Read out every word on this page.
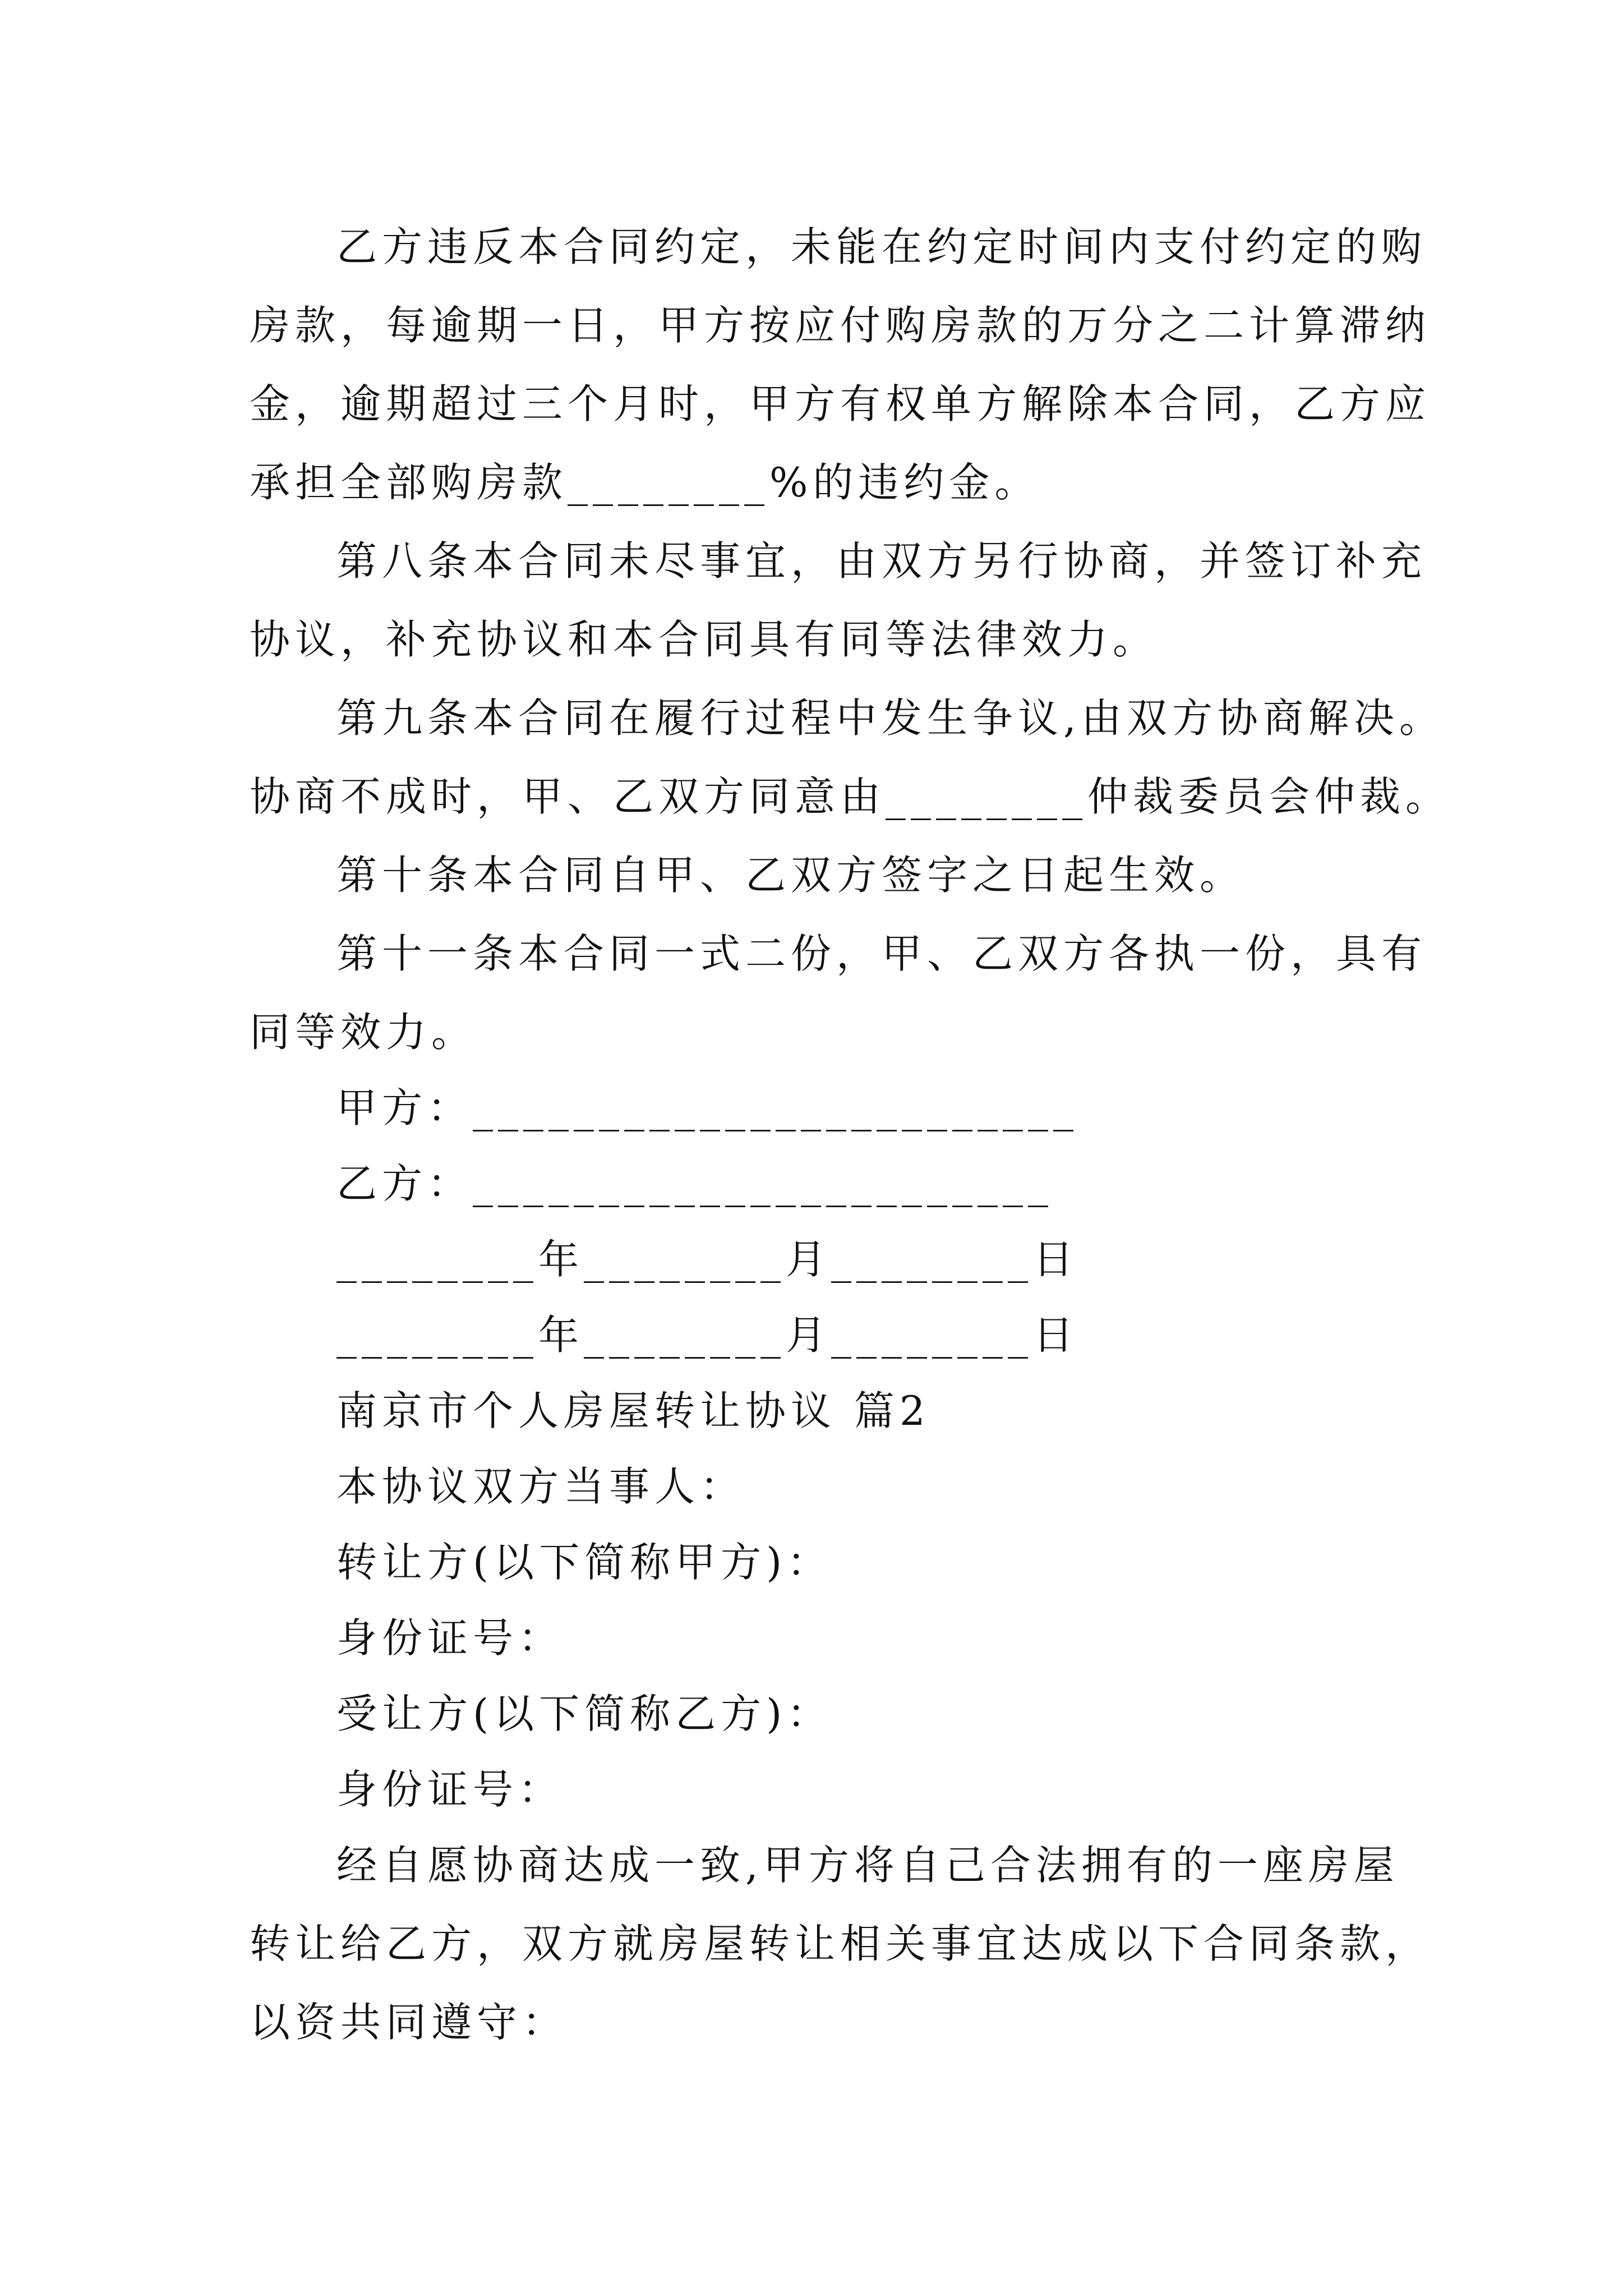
乙方违反本合同约定，未能在约定时间内支付约定的购
房款，每逾期一日，甲方按应付购房款的万分之二计算滞纳
金，逾期超过三个月时，甲方有权单方解除本合同，乙方应
承担全部购房款________%的违约金。
第八条本合同未尽事宜，由双方另行协商，并签订补充
协议，补充协议和本合同具有同等法律效力。
第九条本合同在履行过程中发生争议,由双方协商解决。
协商不成时，甲、乙双方同意由________仲裁委员会仲裁。
第十条本合同自甲、乙双方签字之日起生效。
第十一条本合同一式二份，甲、乙双方各执一份，具有
同等效力。
甲方：________________________
乙方：_______________________
________年________月________日
________年________月________日
南京市个人房屋转让协议 篇2
本协议双方当事人：
转让方(以下简称甲方)：
身份证号：
受让方(以下简称乙方)：
身份证号：
经自愿协商达成一致,甲方将自己合法拥有的一座房屋
转让给乙方，双方就房屋转让相关事宜达成以下合同条款，
以资共同遵守：
